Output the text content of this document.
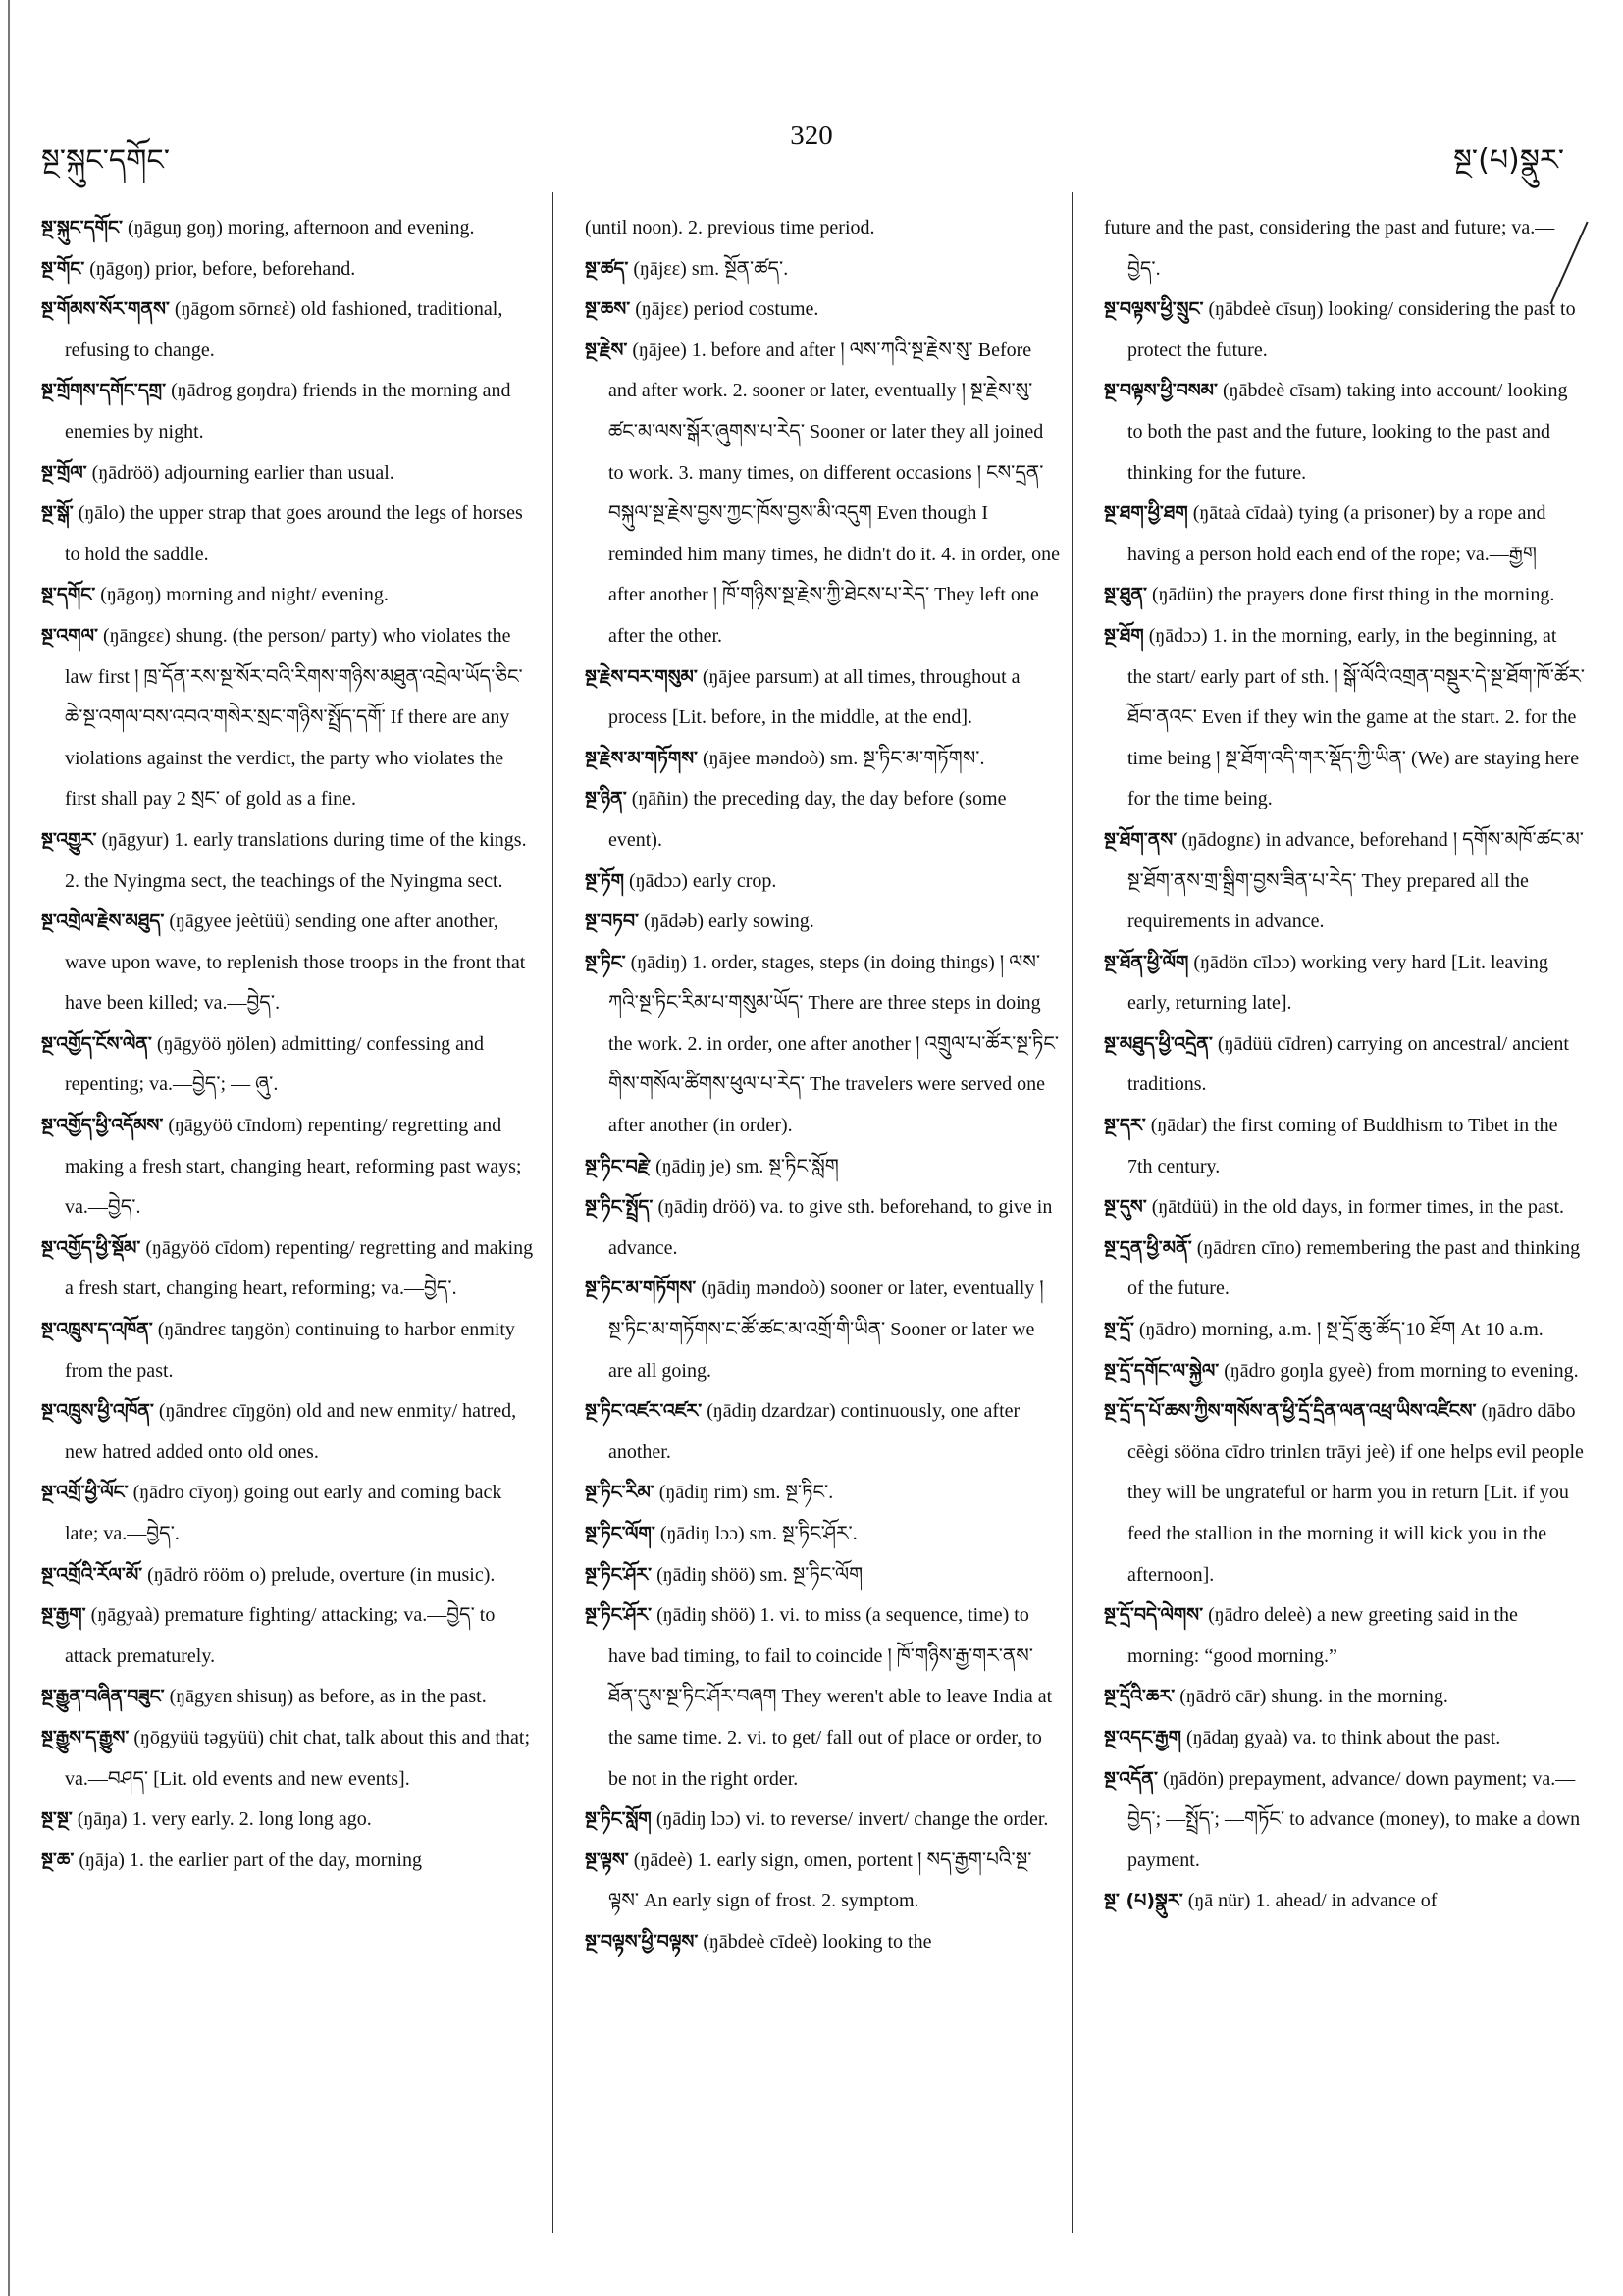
སྔ་སྐུང་དགོང་
320
སྔ་(པ)སྣུར་
སྔ་སྐུང་དགོང་ (ŋāguŋ goŋ) moring, afternoon and evening.
སྔ་གོང་ (ŋāgoŋ) prior, before, beforehand.
སྔ་གོམས་སོར་གནས་ (ŋāgom sōrnεὲ) old fashioned, traditional, refusing to change.
སྔ་གྲོགས་དགོང་དགྲ་ (ŋādrog goŋdra) friends in the morning and enemies by night.
སྔ་གྲོལ་ (ŋādröö) adjourning earlier than usual.
སྔ་སྒོ་ (ŋālo) the upper strap that goes around the legs of horses to hold the saddle.
སྔ་དགོང་ (ŋāgoŋ) morning and night/ evening.
སྔ་འགལ་ (ŋāngεε) shung. (the person/ party) who violates the law first ། ཁྲ་དོན་རས་སྔ་སོར་བའི་རིགས་གཉིས་མཐུན་འབྲེལ་ཡོད་ཅིང་ཆེ་སྔ་འགལ་བས་འབའ་གསེར་སྲང་གཉིས་སྤྲོད་དགོ་ If there are any violations against the verdict, the party who violates the first shall pay 2 སྲང་ of gold as a fine.
སྔ་འགྱུར་ (ŋāgyur) 1. early translations during time of the kings. 2. the Nyingma sect, the teachings of the Nyingma sect.
སྔ་འགྲེལ་རྗེས་མཐུད་ (ŋāgyee jeètüü) sending one after another, wave upon wave, to replenish those troops in the front that have been killed; va.—བྱེད་.
སྔ་འགྱོད་ངོས་ལེན་ (ŋāgyöö ŋölen) admitting/ confessing and repenting; va.—བྱེད་; — ཞུ་.
སྔ་འགྱོད་ཕྱི་འདོམས་ (ŋāgyöö cīndom) repenting/ regretting and making a fresh start, changing heart, reforming past ways; va.—བྱེད་.
སྔ་འགྱོད་ཕྱི་སྡོམ་ (ŋāgyöö cīdom) repenting/ regretting and making a fresh start, changing heart, reforming; va.—བྱེད་.
སྔ་འཁྲུས་ད་འཁོན་ (ŋāndreε taŋgön) continuing to harbor enmity from the past.
སྔ་འཁྲུས་ཕྱི་འཁོན་ (ŋāndreε cīŋgön) old and new enmity/ hatred, new hatred added onto old ones.
སྔ་འགྲོ་ཕྱི་ལོང་ (ŋādro cīyoŋ) going out early and coming back late; va.—བྱེད་.
སྔ་འགྲོའི་རོལ་མོ་ (ŋādrö rööm o) prelude, overture (in music).
སྔ་རྒྱག་ (ŋāgyaà) premature fighting/ attacking; va.—བྱེད་ to attack prematurely.
སྔ་རྒྱུན་བཞིན་བཟུང་ (ŋāgyεn shisuŋ) as before, as in the past.
སྔ་རྒྱུས་ད་རྒྱུས་ (ŋōgyüü təgyüü) chit chat, talk about this and that; va.—བཤད་ [Lit. old events and new events].
སྔ་སྔ་ (ŋāŋa) 1. very early. 2. long long ago.
སྔ་ཆ་ (ŋāja) 1. the earlier part of the day, morning
(until noon). 2. previous time period.
སྔ་ཚད་ (ŋājεε) sm. སྔོན་ཚད་.
སྔ་ཆས་ (ŋājεε) period costume.
སྔ་རྗེས་ (ŋājee) 1. before and after ། ལས་ཀའི་སྔ་རྗེས་སུ་ Before and after work. 2. sooner or later, eventually ། སྔ་རྗེས་སུ་ཚང་མ་ལས་སྒོར་ཞུགས་པ་རེད་ Sooner or later they all joined to work. 3. many times, on different occasions ། ངས་དྲན་བསྐུལ་སྔ་རྗེས་བྱས་ཀྱང་ཁོས་བྱས་མི་འདུག Even though I reminded him many times, he didn't do it. 4. in order, one after another ། ཁོ་གཉིས་སྔ་རྗེས་ཀྱི་ཐེངས་པ་རེད་ They left one after the other.
སྔ་རྗེས་བར་གསུམ་ (ŋājee parsum) at all times, throughout a process [Lit. before, in the middle, at the end].
སྔ་རྗེས་མ་གཏོགས་ (ŋājee məndoò) sm. སྔ་ཏིང་མ་གཏོགས་.
སྔ་ཉིན་ (ŋāñin) the preceding day, the day before (some event).
སྔ་ཏོག (ŋādɔɔ) early crop.
སྔ་བཏབ་ (ŋādəb) early sowing.
སྔ་ཏིང་ (ŋādiŋ) 1. order, stages, steps (in doing things) ། ལས་ཀའི་སྔ་ཏིང་རིམ་པ་གསུམ་ཡོད་ There are three steps in doing the work. 2. in order, one after another ། འགྲུལ་པ་ཚོར་སྔ་ཏིང་གིས་གསོལ་ཚིགས་ཕུལ་པ་རེད་ The travelers were served one after another (in order).
སྔ་ཏིང་བརྗེ་ (ŋādiŋ je) sm. སྔ་ཏིང་སློག
སྔ་ཏིང་སྤྲོད་ (ŋādiŋ dröö) va. to give sth. beforehand, to give in advance.
སྔ་ཏིང་མ་གཏོགས་ (ŋādiŋ məndoò) sooner or later, eventually ། སྔ་ཏིང་མ་གཏོགས་ང་ཚོ་ཚང་མ་འགྲོ་གི་ཡིན་ Sooner or later we are all going.
སྔ་ཏིང་འཛར་འཛར་ (ŋādiŋ dzardzar) continuously, one after another.
སྔ་ཏིང་རིམ་ (ŋādiŋ rim) sm. སྔ་ཏིང་.
སྔ་ཏིང་ལོག་ (ŋādiŋ lɔɔ) sm. སྔ་ཏིང་ཤོར་.
སྔ་ཏིང་ཤོར་ (ŋādiŋ shöö) sm. སྔ་ཏིང་ལོག
སྔ་ཏིང་ཤོར་ (ŋādiŋ shöö) 1. vi. to miss (a sequence, time) to have bad timing, to fail to coincide ། ཁོ་གཉིས་རྒྱ་གར་ནས་ཐོན་དུས་སྔ་ཏིང་ཤོར་བཞག They weren't able to leave India at the same time. 2. vi. to get/ fall out of place or order, to be not in the right order.
སྔ་ཏིང་སློག (ŋādiŋ lɔɔ) vi. to reverse/ invert/ change the order.
སྔ་ལྟས་ (ŋādeè) 1. early sign, omen, portent ། སད་རྒྱག་པའི་སྔ་ལྟས་ An early sign of frost. 2. symptom.
སྔ་བལྟས་ཕྱི་བལྟས་ (ŋābdeè cīdeè) looking to the
future and the past, considering the past and future; va.—བྱེད་.
སྔ་བལྟས་ཕྱི་སྲུང་ (ŋābdeè cīsuŋ) looking/ considering the past to protect the future.
སྔ་བལྟས་ཕྱི་བསམ་ (ŋābdeè cīsam) taking into account/ looking to both the past and the future, looking to the past and thinking for the future.
སྔ་ཐག་ཕྱི་ཐག (ŋātaà cīdaà) tying (a prisoner) by a rope and having a person hold each end of the rope; va.—རྒྱག
སྔ་ཐུན་ (ŋādün) the prayers done first thing in the morning.
སྔ་ཐོག (ŋādɔɔ) 1. in the morning, early, in the beginning, at the start/ early part of sth. ། སྒོ་ལོའི་འགྲན་བསྡུར་དེ་སྔ་ཐོག་ཁོ་ཚོར་ཐོབ་ནའང་ Even if they win the game at the start. 2. for the time being ། སྔ་ཐོག་འདི་གར་སྡོད་ཀྱི་ཡིན་ (We) are staying here for the time being.
སྔ་ཐོག་ནས་ (ŋādognε) in advance, beforehand ། དགོས་མཁོ་ཚང་མ་སྔ་ཐོག་ནས་གྲ་སྒྲིག་བྱས་ཟིན་པ་རེད་ They prepared all the requirements in advance.
སྔ་ཐོན་ཕྱི་ལོག (ŋādön cīlɔɔ) working very hard [Lit. leaving early, returning late].
སྔ་མཐུད་ཕྱི་འདྲེན་ (ŋādüü cīdren) carrying on ancestral/ ancient traditions.
སྔ་དར་ (ŋādar) the first coming of Buddhism to Tibet in the 7th century.
སྔ་དུས་ (ŋātdüü) in the old days, in former times, in the past.
སྔ་དྲན་ཕྱི་མནོ་ (ŋādrεn cīno) remembering the past and thinking of the future.
སྔ་དྲོ་ (ŋādro) morning, a.m. ། སྔ་དྲོ་ཆུ་ཚོད་10 ཐོག At 10 a.m.
སྔ་དྲོ་དགོང་ལ་སྐྱེལ་ (ŋādro goŋla gyeè) from morning to evening.
སྔ་དྲོ་ད་པོ་ཆས་ཀྱིས་གསོས་ན་ཕྱི་དྲོ་དྲིན་ལན་འཕྲ་ཡིས་འཛིངས་ (ŋādro dābo cēègi sööna cīdro trinlεn trāyi jeè) if one helps evil people they will be ungrateful or harm you in return [Lit. if you feed the stallion in the morning it will kick you in the afternoon].
སྔ་དྲོ་བདེ་ལེགས་ (ŋādro deleè) a new greeting said in the morning: “good morning.”
སྔ་དྲོའི་ཆར་ (ŋādrö cār) shung. in the morning.
སྔ་འདང་རྒྱག (ŋādaŋ gyaà) va. to think about the past.
སྔ་འདོན་ (ŋādön) prepayment, advance/ down payment; va.—བྱེད་; —སྤྲོད་; —གཏོང་ to advance (money), to make a down payment.
སྔ་ (པ)སྣུར་ (ŋā nür) 1. ahead/ in advance of
